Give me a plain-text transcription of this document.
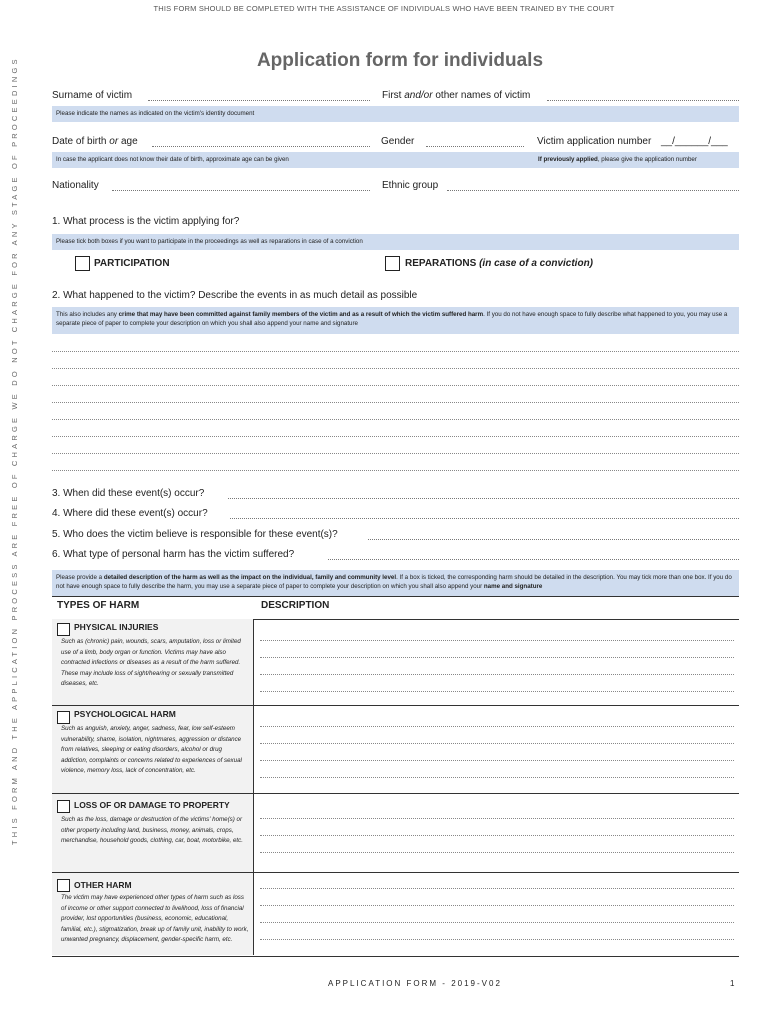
THIS FORM SHOULD BE COMPLETED WITH THE ASSISTANCE OF INDIVIDUALS WHO HAVE BEEN TRAINED BY THE COURT
THIS FORM AND THE APPLICATION PROCESS ARE FREE OF CHARGE WE DO NOT CHARGE FOR ANY STAGE OF PROCEEDINGS	Application form for individuals
Surname of victim	First and/or other names of victim
Please indicate the names as indicated on the victim's identity document
Date of birth or age	Gender	Victim application number __/______/___
In case the applicant does not know their date of birth, approximate age can be given	If previously applied, please give the application number
Nationality	Ethnic group
1. What process is the victim applying for?
Please tick both boxes if you want to participate in the proceedings as well as reparations in case of a conviction
PARTICIPATION	REPARATIONS (in case of a conviction)
2. What happened to the victim? Describe the events in as much detail as possible
This also includes any crime that may have been committed against family members of the victim and as a result of which the victim suffered harm. If you do not have enough space to fully describe what happened to you, you may use a separate piece of paper to complete your description on which you shall also append your name and signature
3. When did these event(s) occur?
4. Where did these event(s) occur?
5. Who does the victim believe is responsible for these event(s)?
6. What type of personal harm has the victim suffered?
Please provide a detailed description of the harm as well as the impact on the individual, family and community level. If a box is ticked, the corresponding harm should be detailed in the description. You may tick more than one box. If you do not have enough space to fully describe the harm, you may use a separate piece of paper to complete your description on which you shall also append your name and signature
TYPES OF HARM	DESCRIPTION
PHYSICAL INJURIES
Such as (chronic) pain, wounds, scars, amputation, loss or limited use of a limb, body organ or function. Victims may have also contracted infections or diseases as a result of the harm suffered. These may include loss of sight/hearing or sexually transmitted diseases, etc.
PSYCHOLOGICAL HARM
Such as anguish, anxiety, anger, sadness, fear, low self-esteem vulnerability, shame, isolation, nightmares, aggression or distance from relatives, sleeping or eating disorders, alcohol or drug addiction, complaints or concerns related to experiences of sexual violence, memory loss, lack of concentration, etc.
LOSS OF OR DAMAGE TO PROPERTY
Such as the loss, damage or destruction of the victims' home(s) or other property including land, business, money, animals, crops, merchandise, household goods, clothing, car, boat, motorbike, etc.
OTHER HARM
The victim may have experienced other types of harm such as loss of income or other support connected to livelihood, loss of financial provider, lost opportunities (business, economic, educational, familial, etc.), stigmatization, break up of family unit, inability to work, unwanted pregnancy, displacement, gender-specific harm, etc.
APPLICATION FORM - 2019-V02	1
